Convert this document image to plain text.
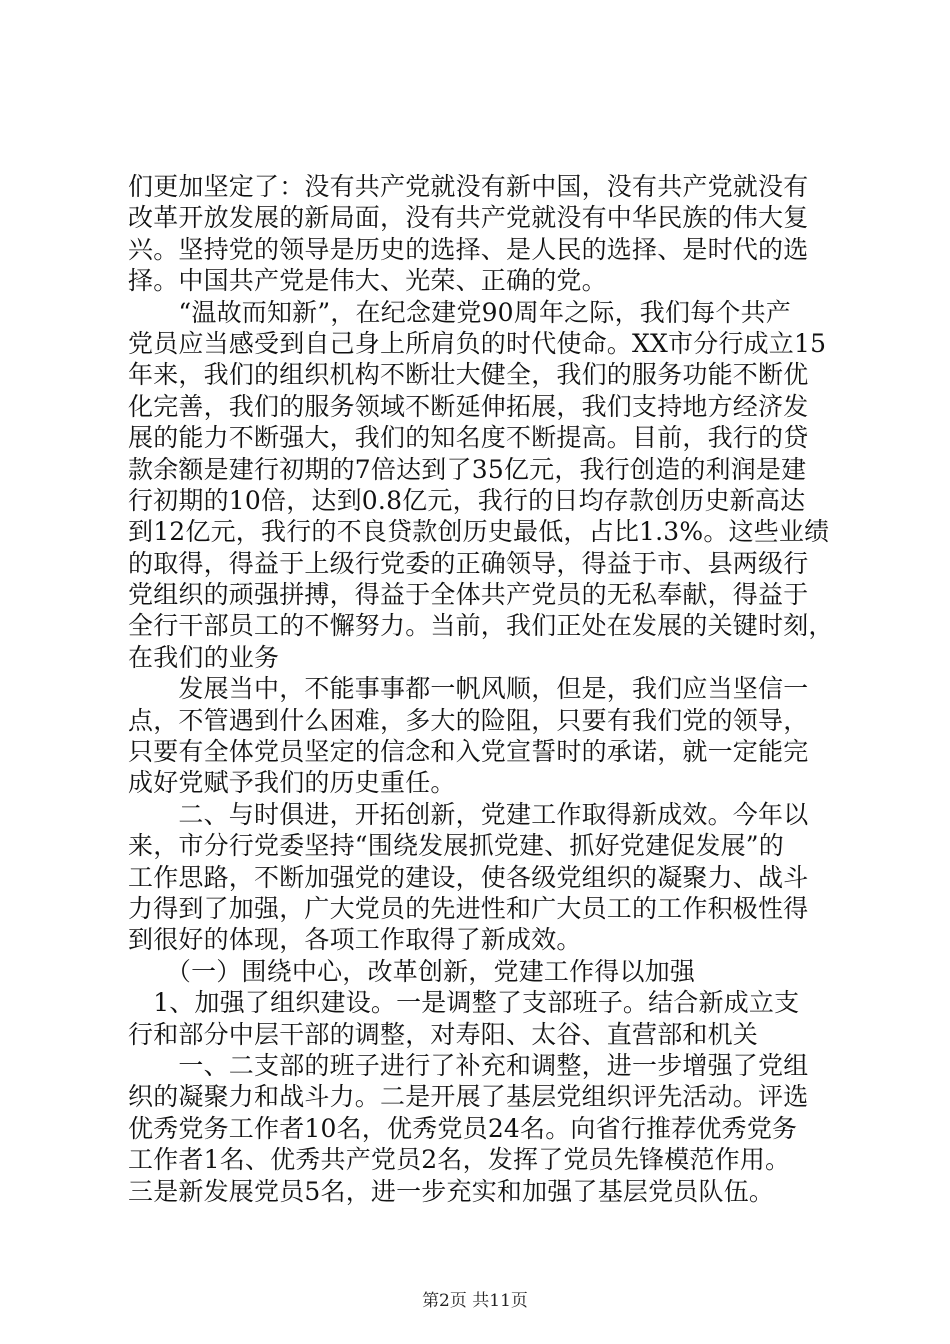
们更加坚定了：没有共产党就没有新中国，没有共产党就没有
改革开放发展的新局面，没有共产党就没有中华民族的伟大复
兴。坚持党的领导是历史的选择、是人民的选择、是时代的选
择。中国共产党是伟大、光荣、正确的党。
　　“温故而知新”，在纪念建党90周年之际，我们每个共产
党员应当感受到自己身上所肩负的时代使命。XX市分行成立15
年来，我们的组织机构不断壮大健全，我们的服务功能不断优
化完善，我们的服务领域不断延伸拓展，我们支持地方经济发
展的能力不断强大，我们的知名度不断提高。目前，我行的贷
款余额是建行初期的7倍达到了35亿元，我行创造的利润是建
行初期的10倍，达到0.8亿元，我行的日均存款创历史新高达
到12亿元，我行的不良贷款创历史最低，占比1.3%。这些业绩
的取得，得益于上级行党委的正确领导，得益于市、县两级行
党组织的顽强拼搏，得益于全体共产党员的无私奉献，得益于
全行干部员工的不懈努力。当前，我们正处在发展的关键时刻，
在我们的业务
　　发展当中，不能事事都一帆风顺，但是，我们应当坚信一
点，不管遇到什么困难，多大的险阻，只要有我们党的领导，
只要有全体党员坚定的信念和入党宣誓时的承诺，就一定能完
成好党赋予我们的历史重任。
　　二、与时俱进，开拓创新，党建工作取得新成效。今年以
来，市分行党委坚持“围绕发展抓党建、抓好党建促发展”的
工作思路，不断加强党的建设，使各级党组织的凝聚力、战斗
力得到了加强，广大党员的先进性和广大员工的工作积极性得
到很好的体现，各项工作取得了新成效。
　　（一）围绕中心，改革创新，党建工作得以加强
　1、加强了组织建设。一是调整了支部班子。结合新成立支
行和部分中层干部的调整，对寿阳、太谷、直营部和机关
　　一、二支部的班子进行了补充和调整，进一步增强了党组
织的凝聚力和战斗力。二是开展了基层党组织评先活动。评选
优秀党务工作者10名，优秀党员24名。向省行推荐优秀党务
工作者1名、优秀共产党员2名，发挥了党员先锋模范作用。
三是新发展党员5名，进一步充实和加强了基层党员队伍。
第2页 共11页
